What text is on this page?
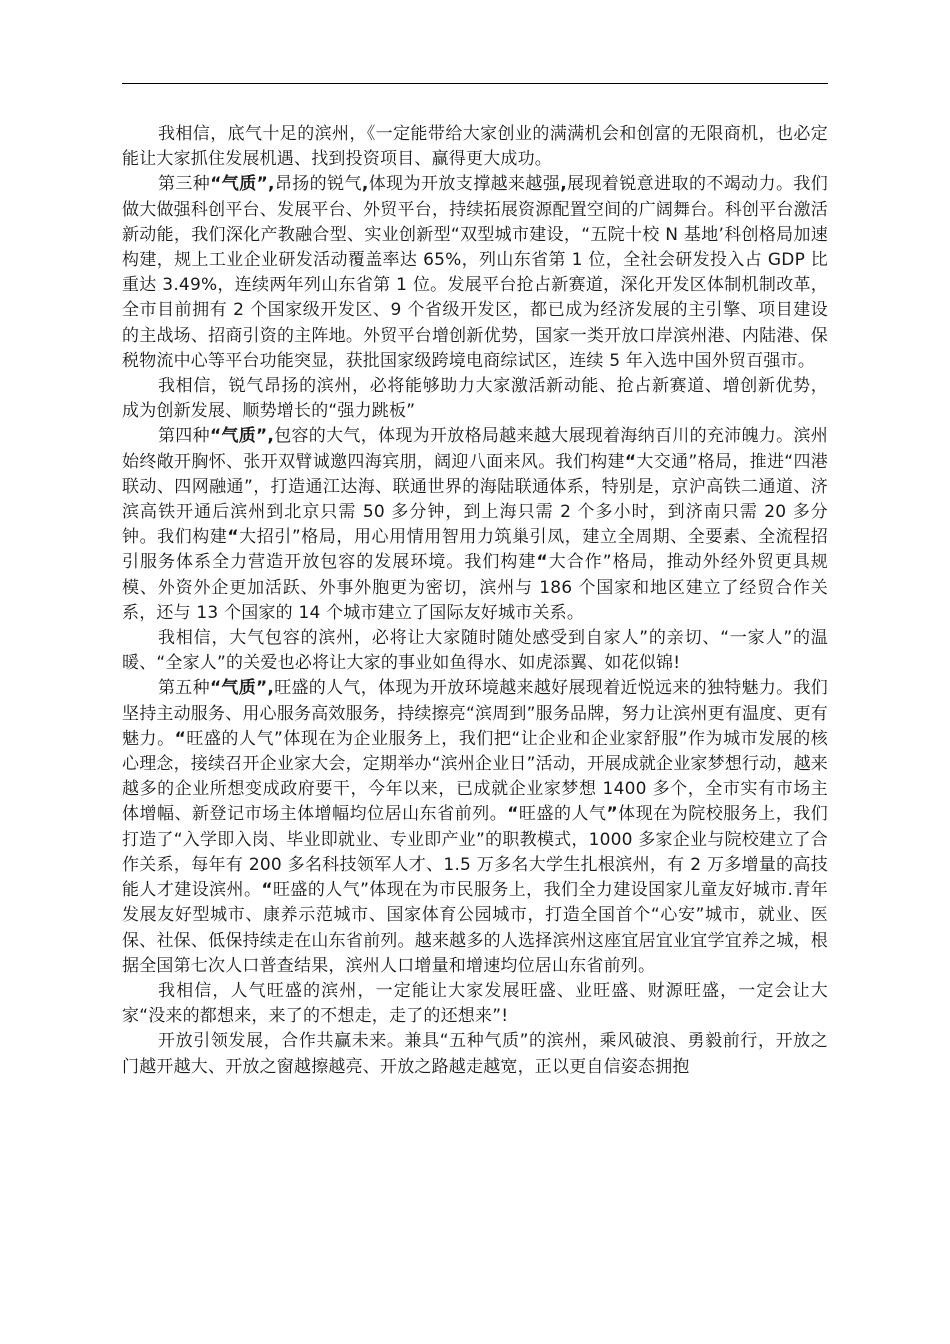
我相信，底气十足的滨州，《一定能带给大家创业的满满机会和创富的无限商机，也必定能让大家抓住发展机遇、找到投资项目、赢得更大成功。

第三种“气质”,昂扬的锐气,体现为开放支撑越来越强,展现着锐意进取的不竭动力。我们做大做强科创平台、发展平台、外贸平台，持续拓展资源配置空间的广阔舞台。科创平台激活新动能，我们深化产教融合型、实业创新型“双型城市建设，“五院十校 N 基地’科创格局加速构建，规上工业企业研发活动覆盖率达 65%，列山东省第 1 位，全社会研发投入占 GDP 比重达 3.49%，连续两年列山东省第 1 位。发展平台抢占新赛道，深化开发区体制机制改革，全市目前拥有 2 个国家级开发区、9 个省级开发区，都已成为经济发展的主引擎、项目建设的主战场、招商引资的主阵地。外贸平台增创新优势，国家一类开放口岸滨州港、内陆港、保税物流中心等平台功能突显，获批国家级跨境电商综试区，连续 5 年入选中国外贸百强市。

我相信，锐气昂扬的滨州，必将能够助力大家激活新动能、抢占新赛道、增创新优势，成为创新发展、顺势增长的“强力跳板”

第四种“气质”,包容的大气，体现为开放格局越来越大展现着海纳百川的充沛魄力。滨州始终敞开胸怀、张开双臂诚邀四海宾朋，阔迎八面来风。我们构建“大交通”格局，推进“四港联动、四网融通”，打造通江达海、联通世界的海陆联通体系，特别是，京沪高铁二通道、济滨高铁开通后滨州到北京只需 50 多分钟，到上海只需 2 个多小时，到济南只需 20 多分钟。我们构建“大招引”格局，用心用情用智用力筑巢引凤，建立全周期、全要素、全流程招引服务体系全力营造开放包容的发展环境。我们构建“大合作”格局，推动外经外贸更具规模、外资外企更加活跃、外事外胞更为密切，滨州与 186 个国家和地区建立了经贸合作关系，还与 13 个国家的 14 个城市建立了国际友好城市关系。

我相信，大气包容的滨州，必将让大家随时随处感受到自家人”的亲切、“一家人”的温暖、“全家人”的关爱也必将让大家的事业如鱼得水、如虎添翼、如花似锦!

第五种“气质”,旺盛的人气，体现为开放环境越来越好展现着近悦远来的独特魅力。我们坚持主动服务、用心服务高效服务，持续擦亮“滨周到”服务品牌，努力让滨州更有温度、更有魅力。“旺盛的人气”体现在为企业服务上，我们把“让企业和企业家舒服”作为城市发展的核心理念，接续召开企业家大会，定期举办“滨州企业日”活动，开展成就企业家梦想行动，越来越多的企业所想变成政府要干，今年以来，已成就企业家梦想 1400 多个，全市实有市场主体增幅、新登记市场主体增幅均位居山东省前列。“旺盛的人气”体现在为院校服务上，我们打造了“入学即入岗、毕业即就业、专业即产业”的职教模式，1000 多家企业与院校建立了合作关系，每年有 200 多名科技领军人才、1.5 万多名大学生扎根滨州，有 2 万多增量的高技能人才建设滨州。“旺盛的人气”体现在为市民服务上，我们全力建设国家儿童友好城市.青年发展友好型城市、康养示范城市、国家体育公园城市，打造全国首个“心安”城市，就业、医保、社保、低保持续走在山东省前列。越来越多的人选择滨州这座宜居宜业宜学宜养之城，根据全国第七次人口普查结果，滨州人口增量和增速均位居山东省前列。

我相信，人气旺盛的滨州，一定能让大家发展旺盛、业旺盛、财源旺盛，一定会让大家“没来的都想来，来了的不想走，走了的还想来”!

开放引领发展，合作共赢未来。兼具“五种气质”的滨州，乘风破浪、勇毅前行，开放之门越开越大、开放之窗越擦越亮、开放之路越走越宽，正以更自信姿态拥抱
